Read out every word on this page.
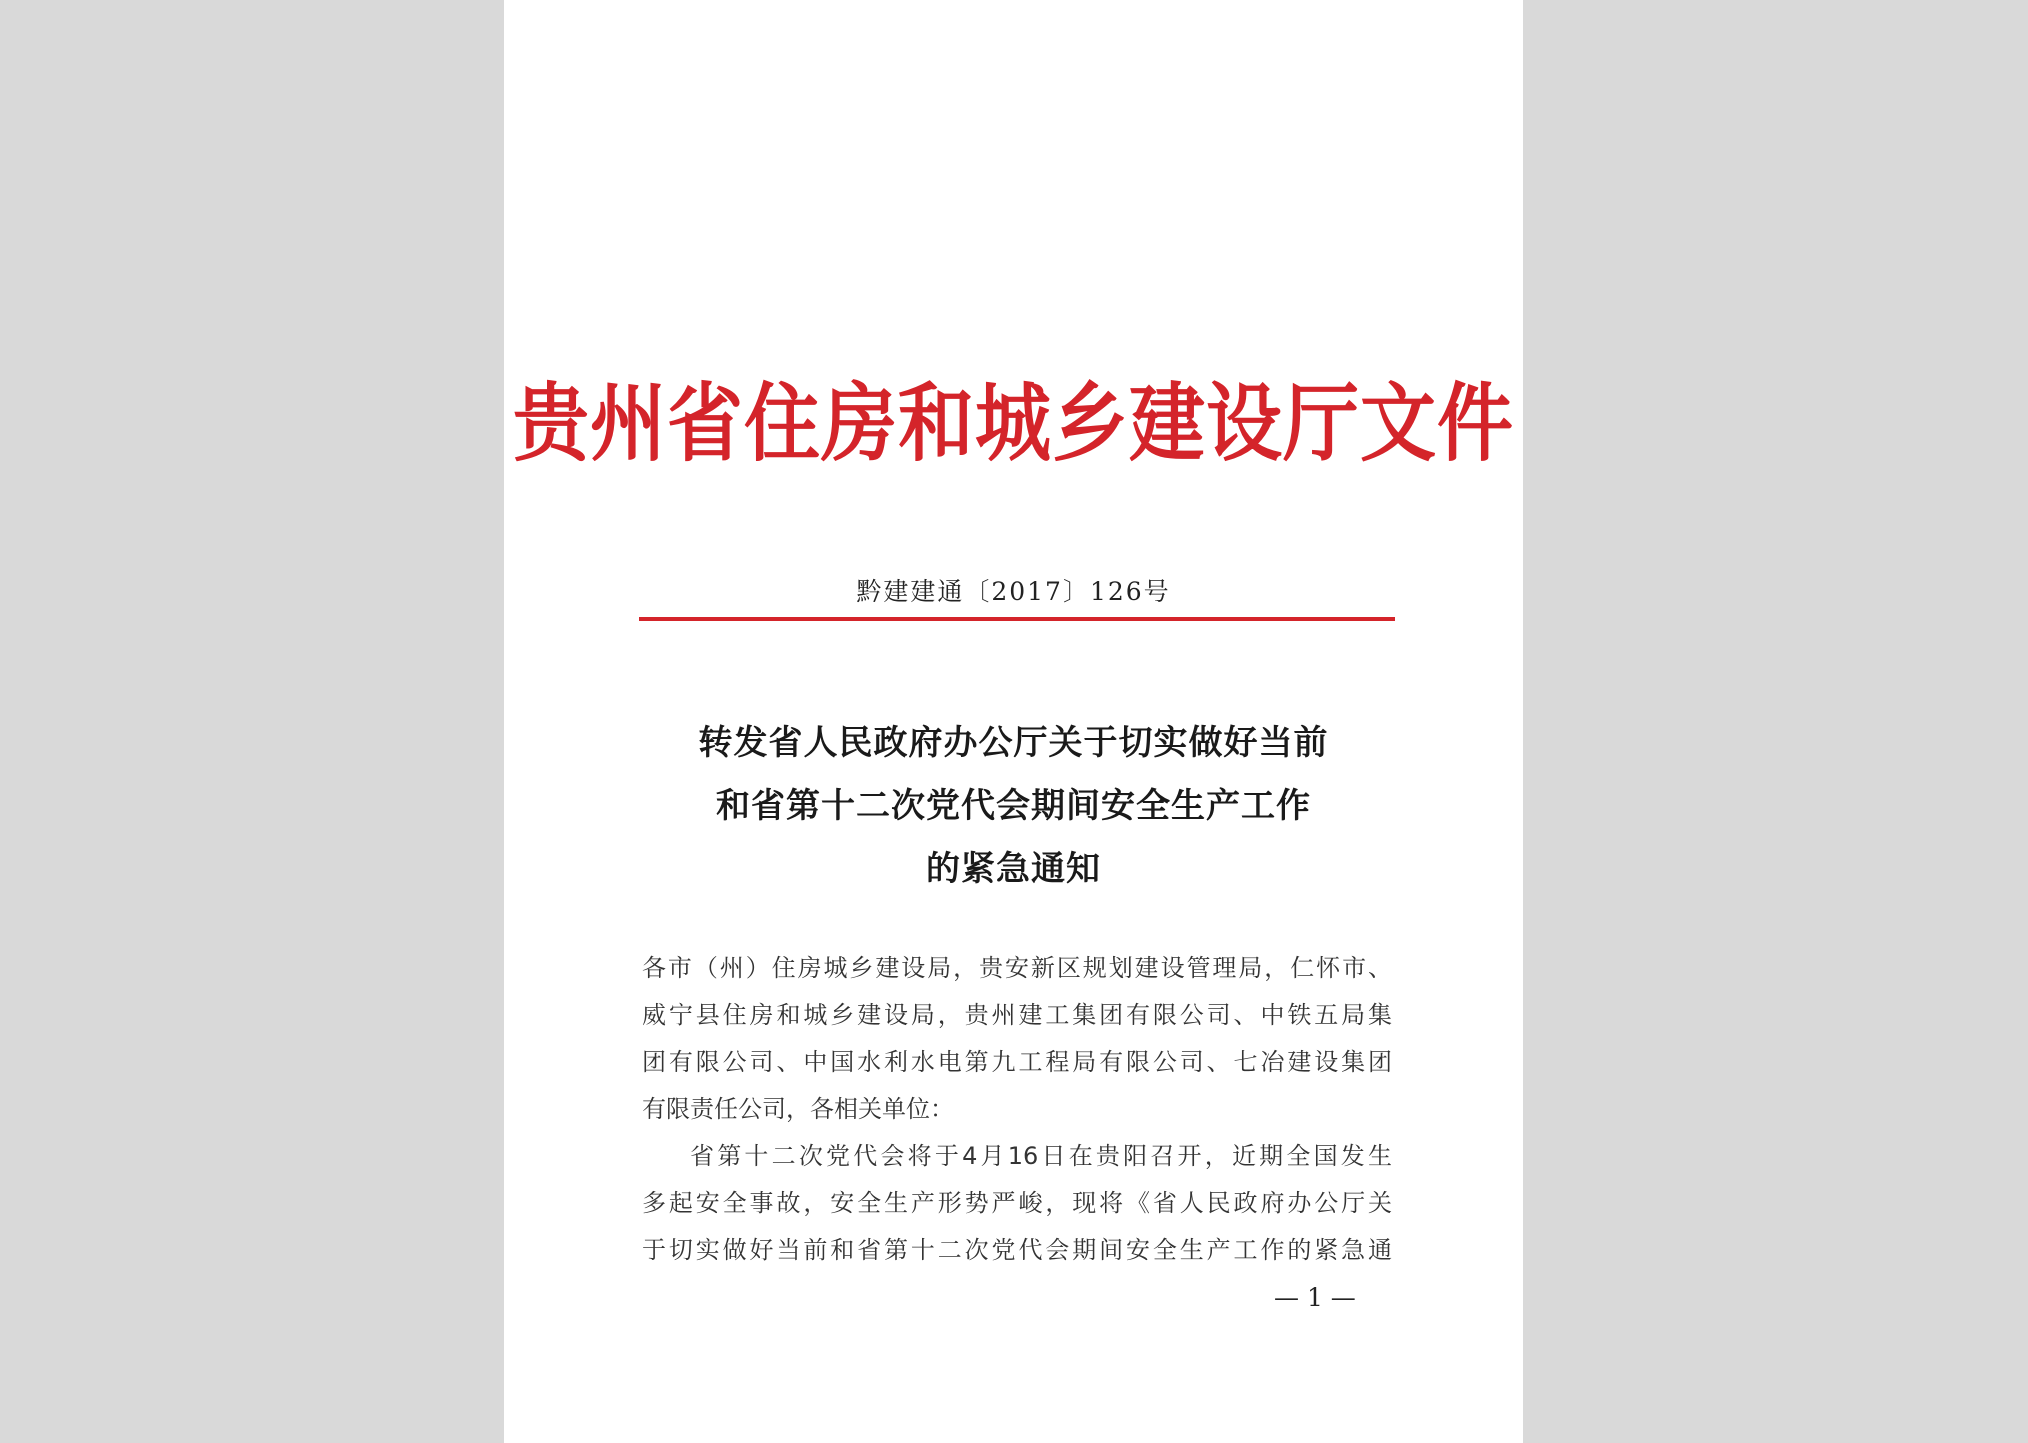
贵州省住房和城乡建设厅文件
黔建建通〔2017〕126号
转发省人民政府办公厅关于切实做好当前
和省第十二次党代会期间安全生产工作
的紧急通知
各市（州）住房城乡建设局，贵安新区规划建设管理局，仁怀市、
威宁县住房和城乡建设局，贵州建工集团有限公司、中铁五局集
团有限公司、中国水利水电第九工程局有限公司、七冶建设集团
有限责任公司，各相关单位：
省第十二次党代会将于4月16日在贵阳召开，近期全国发生
多起安全事故，安全生产形势严峻，现将《省人民政府办公厅关
于切实做好当前和省第十二次党代会期间安全生产工作的紧急通
— 1 —
